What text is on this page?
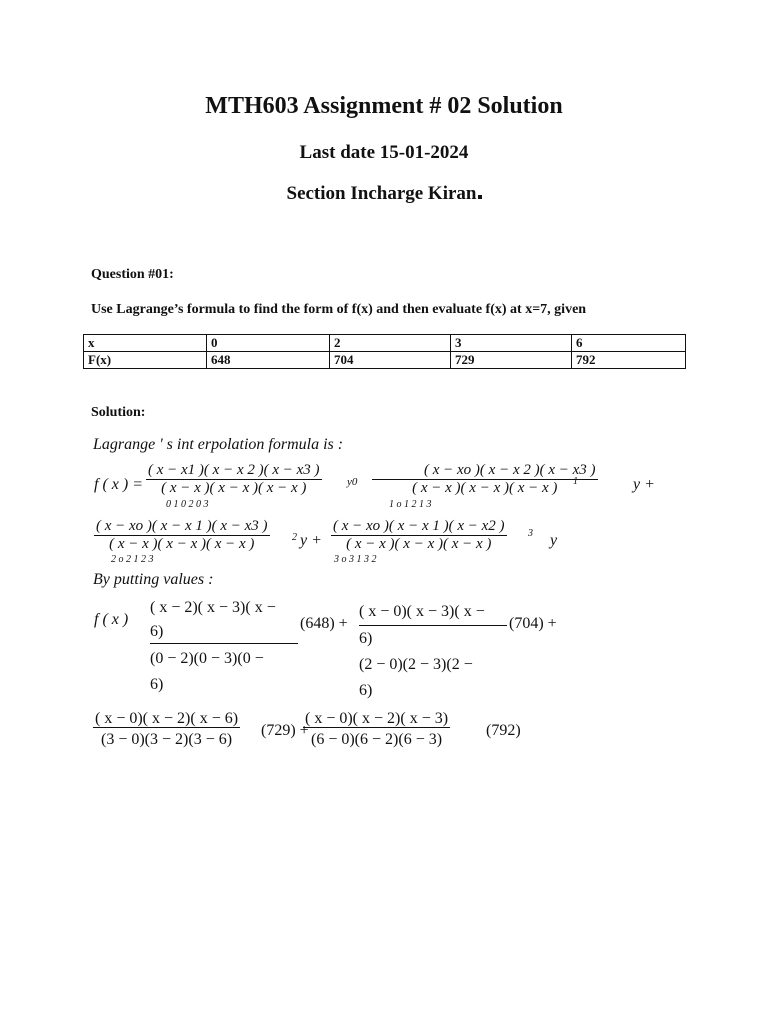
MTH603 Assignment # 02 Solution
Last date 15-01-2024
Section Incharge Kiran
Question #01:
Use Lagrange’s formula to find the form of f(x) and then evaluate f(x) at x=7, given
x	0	2	3	6
F(x)	648	704	729	792
Solution:
Lagrange ' s int erpolation formula is :
f ( x ) = $\frac{( x - x1 )( x - x 2 )( x - x3 )}{( x - x )( x - x )( x - x )}$
0 1 0 2 0 3
$y0 \frac{( x - xo )( x - x 2 )( x - x3 )}{( x - x )( x - x )( x - x )}$
1 o 1 2 1 3
y +
1
$\frac{( x - xo )( x - x 1 )( x - x3 )}{( x - x )( x - x )( x - x )}$
2 o 2 1 2 3
y +
$2 \frac{( x - xo )( x - x 1 )( x - x2 )}{( x - x )( x - x )( x - x )}$
3 o 3 1 3 2
y
3
By putting values :
f ( x )
( x − 2)( x − 3)( x −
6)
(0 − 2)(0 − 3)(0 −
6)
(648) +
( x − 0)( x − 3)( x −
6)
(2 − 0)(2 − 3)(2 −
6)
(704) +
$\frac{( x - 0)( x - 2)( x - 6)}{(3 - 0)(3 - 2)(3 - 6)} (729)$ +
$\frac{( x - 0)( x - 2)( x - 3)}{(6 - 0)(6 - 2)(6 - 3)} (792)$
